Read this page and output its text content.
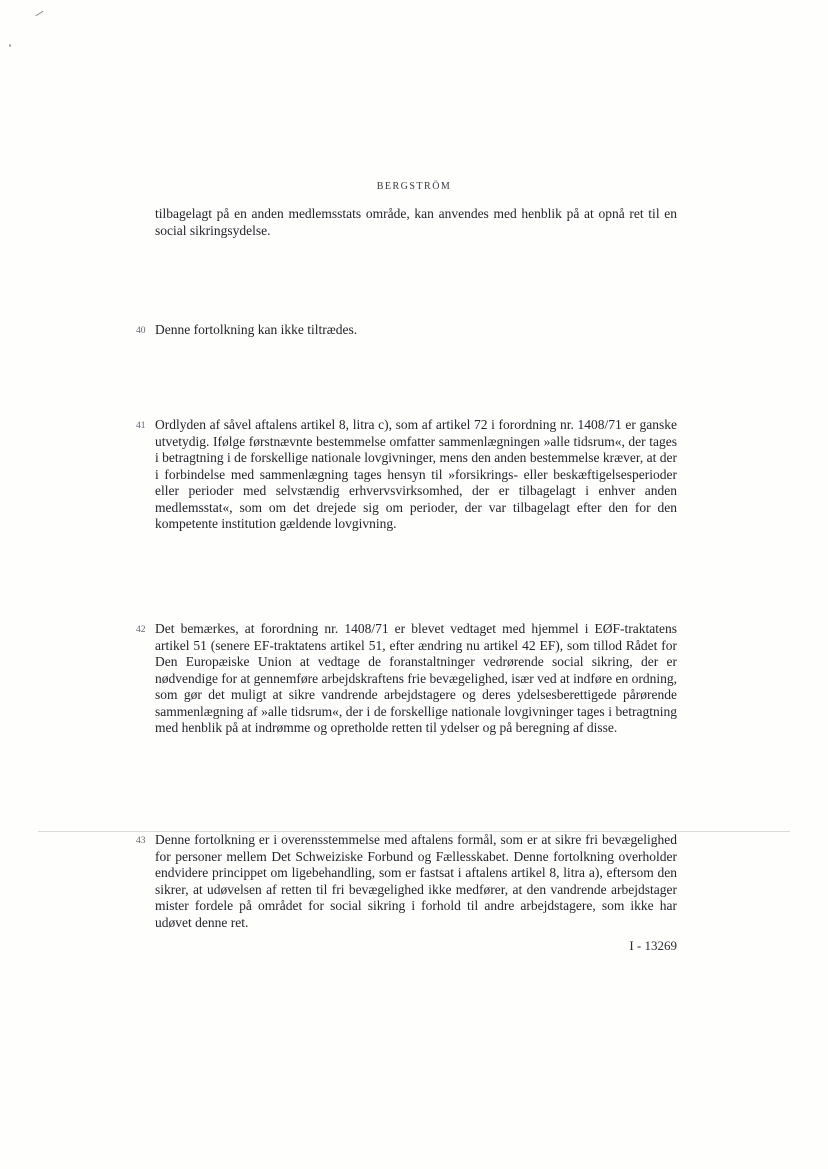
BERGSTRÖM

tilbagelagt på en anden medlemsstats område, kan anvendes med henblik på at opnå ret til en social sikringsydelse.

40 Denne fortolkning kan ikke tiltrædes.

41 Ordlyden af såvel aftalens artikel 8, litra c), som af artikel 72 i forordning nr. 1408/71 er ganske utvetydig. Ifølge førstnævnte bestemmelse omfatter sammenlægningen »alle tidsrum«, der tages i betragtning i de forskellige nationale lovgivninger, mens den anden bestemmelse kræver, at der i forbindelse med sammenlægning tages hensyn til »forsikrings- eller beskæftigelsesperioder eller perioder med selvstændig erhvervsvirksomhed, der er tilbagelagt i enhver anden medlemsstat«, som om det drejede sig om perioder, der var tilbagelagt efter den for den kompetente institution gældende lovgivning.

42 Det bemærkes, at forordning nr. 1408/71 er blevet vedtaget med hjemmel i EØF-traktatens artikel 51 (senere EF-traktatens artikel 51, efter ændring nu artikel 42 EF), som tillod Rådet for Den Europæiske Union at vedtage de foranstaltninger vedrørende social sikring, der er nødvendige for at gennemføre arbejdskraftens frie bevægelighed, især ved at indføre en ordning, som gør det muligt at sikre vandrende arbejdstagere og deres ydelsesberettigede pårørende sammenlægning af »alle tidsrum«, der i de forskellige nationale lovgivninger tages i betragtning med henblik på at indrømme og opretholde retten til ydelser og på beregning af disse.

43 Denne fortolkning er i overensstemmelse med aftalens formål, som er at sikre fri bevægelighed for personer mellem Det Schweiziske Forbund og Fællesskabet. Denne fortolkning overholder endvidere princippet om ligebehandling, som er fastsat i aftalens artikel 8, litra a), eftersom den sikrer, at udøvelsen af retten til fri bevægelighed ikke medfører, at den vandrende arbejdstager mister fordele på området for social sikring i forhold til andre arbejdstagere, som ikke har udøvet denne ret.

I - 13269
